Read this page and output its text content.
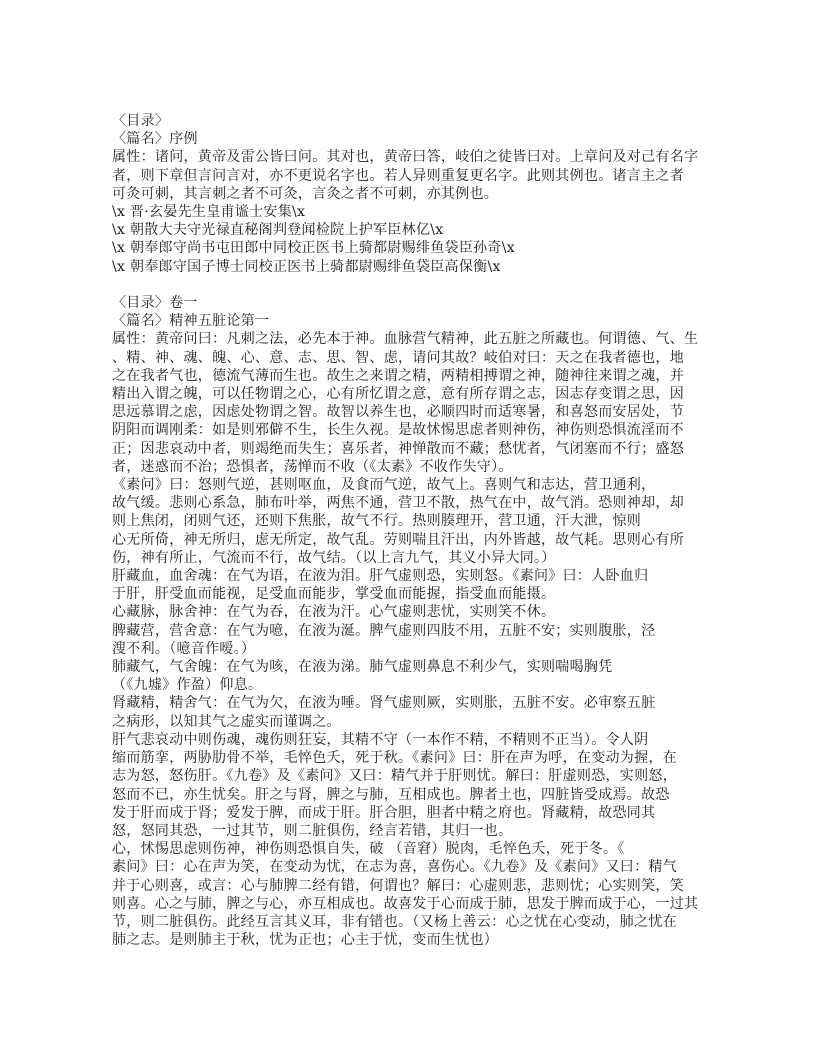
〈目录〉
〈篇名〉序例
属性：诸问，黄帝及雷公皆曰问。其对也，黄帝曰答，岐伯之徒皆曰对。上章问及对己有名字
者，则下章但言问言对，亦不更说名字也。若人异则重复更名字。此则其例也。诸言主之者
可灸可刺，其言刺之者不可灸，言灸之者不可刺，亦其例也。
\x 晋·玄晏先生皇甫谧士安集\x
\x 朝散大夫守光禄直秘阁判登闻检院上护军臣林亿\x
\x 朝奉郎守尚书屯田郎中同校正医书上骑都尉赐绯鱼袋臣孙奇\x
\x 朝奉郎守国子博士同校正医书上骑都尉赐绯鱼袋臣高保衡\x
〈目录〉卷一
〈篇名〉精神五脏论第一
属性：黄帝问曰：凡刺之法，必先本于神。血脉营气精神，此五脏之所藏也。何谓德、气、生
、精、神、魂、魄、心、意、志、思、智、虑，请问其故？岐伯对曰：天之在我者德也，地
之在我者气也，德流气薄而生也。故生之来谓之精，两精相搏谓之神，随神往来谓之魂，并
精出入谓之魄，可以任物谓之心，心有所忆谓之意，意有所存谓之志，因志存变谓之思，因
思远慕谓之虑，因虑处物谓之智。故智以养生也，必顺四时而适寒暑，和喜怒而安居处，节
阴阳而调刚柔：如是则邪僻不生，长生久视。是故怵惕思虑者则神伤，神伤则恐惧流淫而不
正；因悲哀动中者，则竭绝而失生；喜乐者，神惮散而不藏；愁忧者，气闭塞而不行；盛怒
者，迷惑而不治；恐惧者，荡惮而不收（《太素》不收作失守）。
《素问》曰：怒则气逆，甚则呕血，及食而气逆，故气上。喜则气和志达，营卫通利，
故气缓。悲则心系急，肺布叶举，两焦不通，营卫不散，热气在中，故气消。恐则神却，却
则上焦闭，闭则气还，还则下焦胀，故气不行。热则腠理开，营卫通，汗大泄，惊则
心无所倚，神无所归，虑无所定，故气乱。劳则喘且汗出，内外皆越，故气耗。思则心有所
伤，神有所止，气流而不行，故气结。（以上言九气，其义小异大同。）
肝藏血，血舍魂：在气为语，在液为泪。肝气虚则恐，实则怒。《素问》曰：人卧血归
于肝，肝受血而能视，足受血而能步，掌受血而能握，指受血而能摄。
心藏脉，脉舍神：在气为吞，在液为汗。心气虚则悲忧，实则笑不休。
脾藏营，营舍意：在气为噫，在液为涎。脾气虚则四肢不用，五脏不安；实则腹胀，泾
溲不利。（噫音作嗳。）
肺藏气，气舍魄：在气为咳，在液为涕。肺气虚则鼻息不利少气，实则喘喝胸凭
（《九墟》作盈）仰息。
肾藏精，精舍气：在气为欠，在液为唾。肾气虚则厥，实则胀，五脏不安。必审察五脏
之病形，以知其气之虚实而谨调之。
肝气悲哀动中则伤魂，魂伤则狂妄，其精不守（一本作不精，不精则不正当）。令人阴
缩而筋挛，两胁肋骨不举，毛悴色夭，死于秋。《素问》曰：肝在声为呼，在变动为握，在
志为怒，怒伤肝。《九卷》及《素问》又曰：精气并于肝则忧。解曰：肝虚则恐，实则怒，
怒而不已，亦生忧矣。肝之与肾，脾之与肺，互相成也。脾者土也，四脏皆受成焉。故恐
发于肝而成于肾；爱发于脾，而成于肝。肝合胆，胆者中精之府也。肾藏精，故恐同其
怒，怒同其恐，一过其节，则二脏俱伤，经言若错，其归一也。
心，怵惕思虑则伤神，神伤则恐惧自失，破 （音窘）脱肉，毛悴色夭，死于冬。《
素问》曰：心在声为笑，在变动为忧，在志为喜，喜伤心。《九卷》及《素问》又曰：精气
并于心则喜，或言：心与肺脾二经有错，何谓也？解曰：心虚则悲，悲则忧；心实则笑，笑
则喜。心之与肺，脾之与心，亦互相成也。故喜发于心而成于肺，思发于脾而成于心，一过其
节，则二脏俱伤。此经互言其义耳，非有错也。（又杨上善云：心之忧在心变动，肺之忧在
肺之志。是则肺主于秋，忧为正也；心主于忧，变而生忧也）
